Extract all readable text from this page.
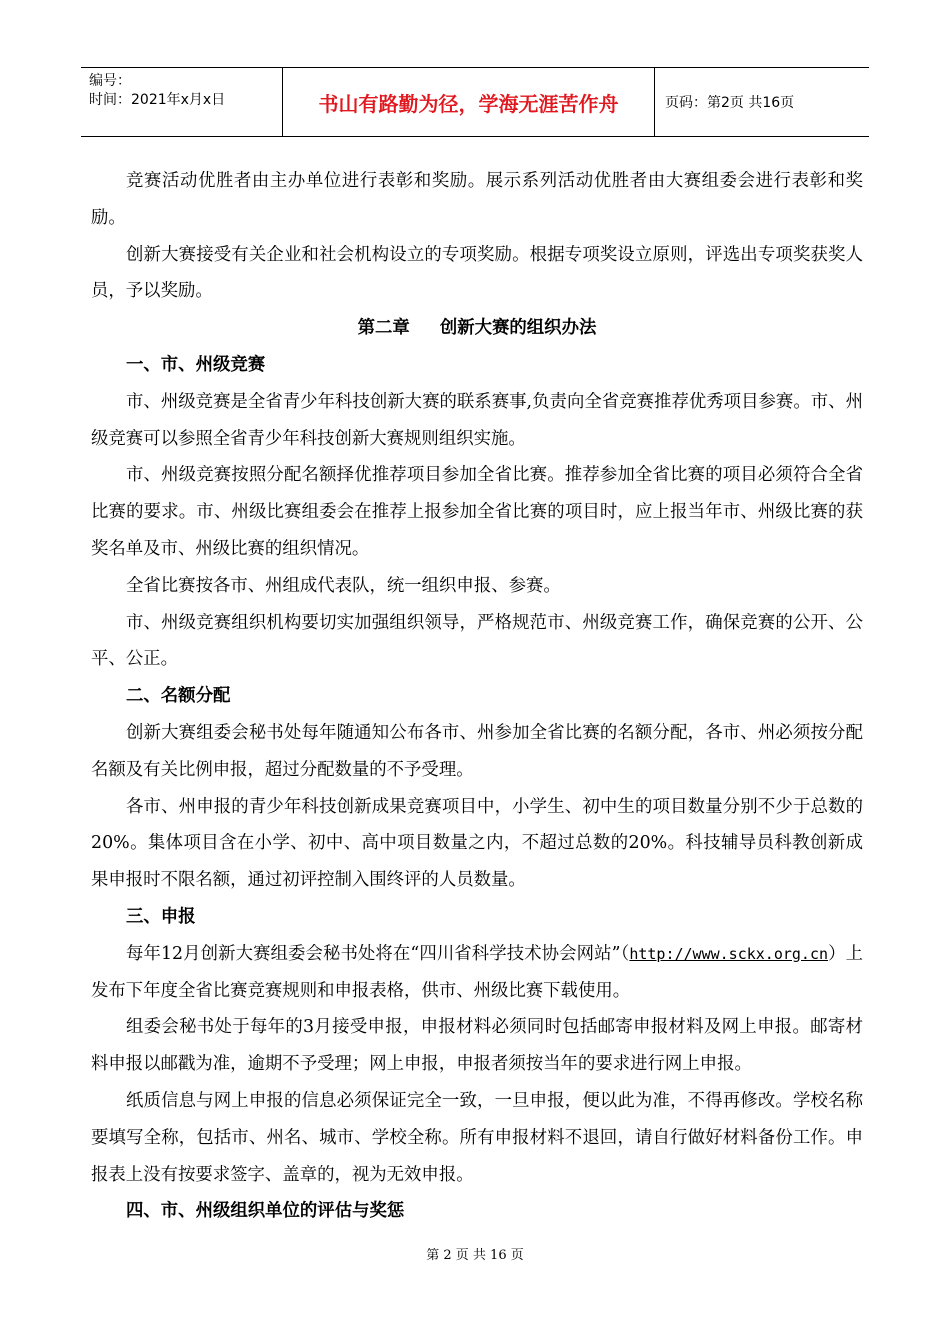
编号：
时间：2021年x月x日	书山有路勤为径，学海无涯苦作舟	页码：第2页 共16页

竞赛活动优胜者由主办单位进行表彰和奖励。展示系列活动优胜者由大赛组委会进行表彰和奖励。

创新大赛接受有关企业和社会机构设立的专项奖励。根据专项奖设立原则，评选出专项奖获奖人员，予以奖励。

第二章 创新大赛的组织办法

一、市、州级竞赛

市、州级竞赛是全省青少年科技创新大赛的联系赛事,负责向全省竞赛推荐优秀项目参赛。市、州级竞赛可以参照全省青少年科技创新大赛规则组织实施。

市、州级竞赛按照分配名额择优推荐项目参加全省比赛。推荐参加全省比赛的项目必须符合全省比赛的要求。市、州级比赛组委会在推荐上报参加全省比赛的项目时，应上报当年市、州级比赛的获奖名单及市、州级比赛的组织情况。

全省比赛按各市、州组成代表队，统一组织申报、参赛。

市、州级竞赛组织机构要切实加强组织领导，严格规范市、州级竞赛工作，确保竞赛的公开、公平、公正。

二、名额分配

创新大赛组委会秘书处每年随通知公布各市、州参加全省比赛的名额分配，各市、州必须按分配名额及有关比例申报，超过分配数量的不予受理。

各市、州申报的青少年科技创新成果竞赛项目中，小学生、初中生的项目数量分别不少于总数的20%。集体项目含在小学、初中、高中项目数量之内，不超过总数的20%。科技辅导员科教创新成果申报时不限名额，通过初评控制入围终评的人员数量。

三、申报

每年12月创新大赛组委会秘书处将在“四川省科学技术协会网站”（http://www.sckx.org.cn）上发布下年度全省比赛竞赛规则和申报表格，供市、州级比赛下载使用。

组委会秘书处于每年的3月接受申报，申报材料必须同时包括邮寄申报材料及网上申报。邮寄材料申报以邮戳为准，逾期不予受理；网上申报，申报者须按当年的要求进行网上申报。

纸质信息与网上申报的信息必须保证完全一致，一旦申报，便以此为准，不得再修改。学校名称要填写全称，包括市、州名、城市、学校全称。所有申报材料不退回，请自行做好材料备份工作。申报表上没有按要求签字、盖章的，视为无效申报。

四、市、州级组织单位的评估与奖惩

第 2 页 共 16 页
